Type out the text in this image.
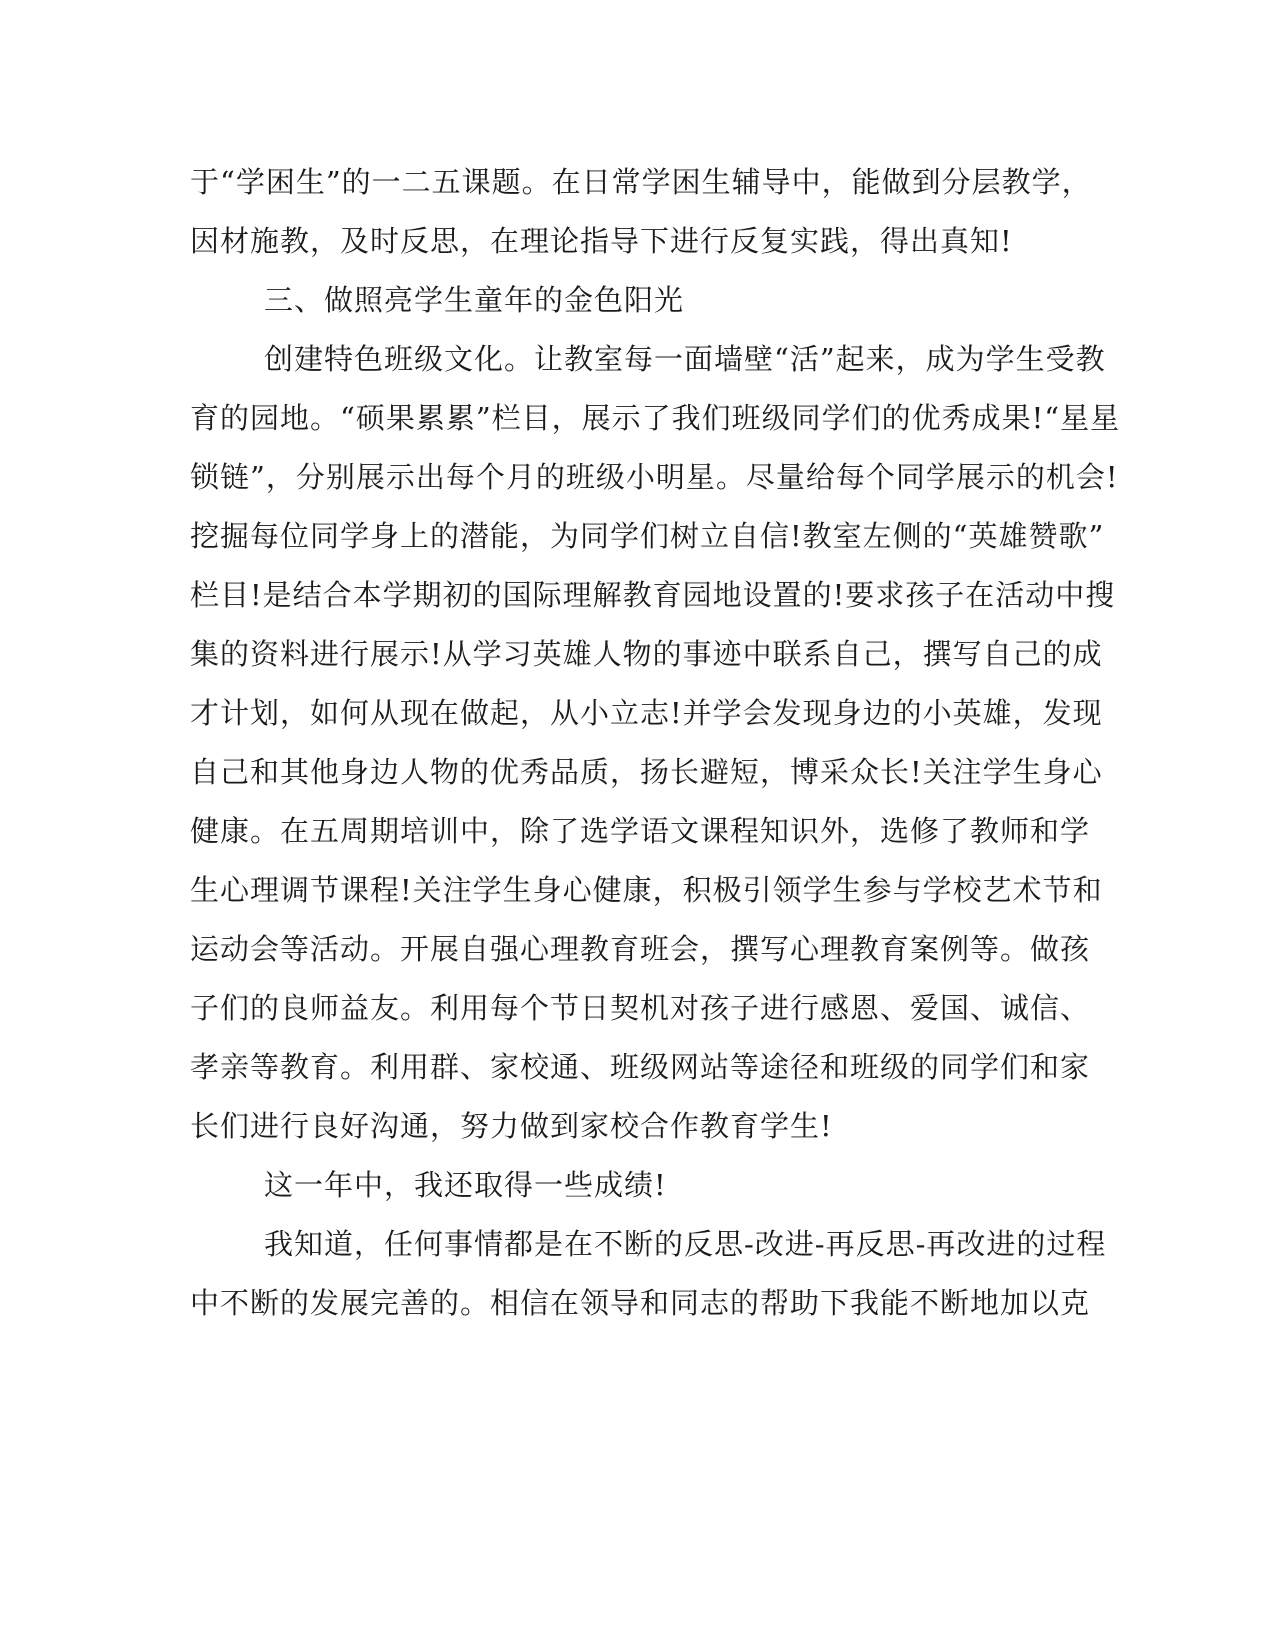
于“学困生”的一二五课题。在日常学困生辅导中，能做到分层教学，
因材施教，及时反思，在理论指导下进行反复实践，得出真知!
三、做照亮学生童年的金色阳光
创建特色班级文化。让教室每一面墙壁“活”起来，成为学生受教
育的园地。“硕果累累”栏目，展示了我们班级同学们的优秀成果!“星星
锁链”，分别展示出每个月的班级小明星。尽量给每个同学展示的机会!
挖掘每位同学身上的潜能，为同学们树立自信!教室左侧的“英雄赞歌”
栏目!是结合本学期初的国际理解教育园地设置的!要求孩子在活动中搜
集的资料进行展示!从学习英雄人物的事迹中联系自己，撰写自己的成
才计划，如何从现在做起，从小立志!并学会发现身边的小英雄，发现
自己和其他身边人物的优秀品质，扬长避短，博采众长!关注学生身心
健康。在五周期培训中，除了选学语文课程知识外，选修了教师和学
生心理调节课程!关注学生身心健康，积极引领学生参与学校艺术节和
运动会等活动。开展自强心理教育班会，撰写心理教育案例等。做孩
子们的良师益友。利用每个节日契机对孩子进行感恩、爱国、诚信、
孝亲等教育。利用群、家校通、班级网站等途径和班级的同学们和家
长们进行良好沟通，努力做到家校合作教育学生!
这一年中，我还取得一些成绩!
我知道，任何事情都是在不断的反思-改进-再反思-再改进的过程
中不断的发展完善的。相信在领导和同志的帮助下我能不断地加以克
